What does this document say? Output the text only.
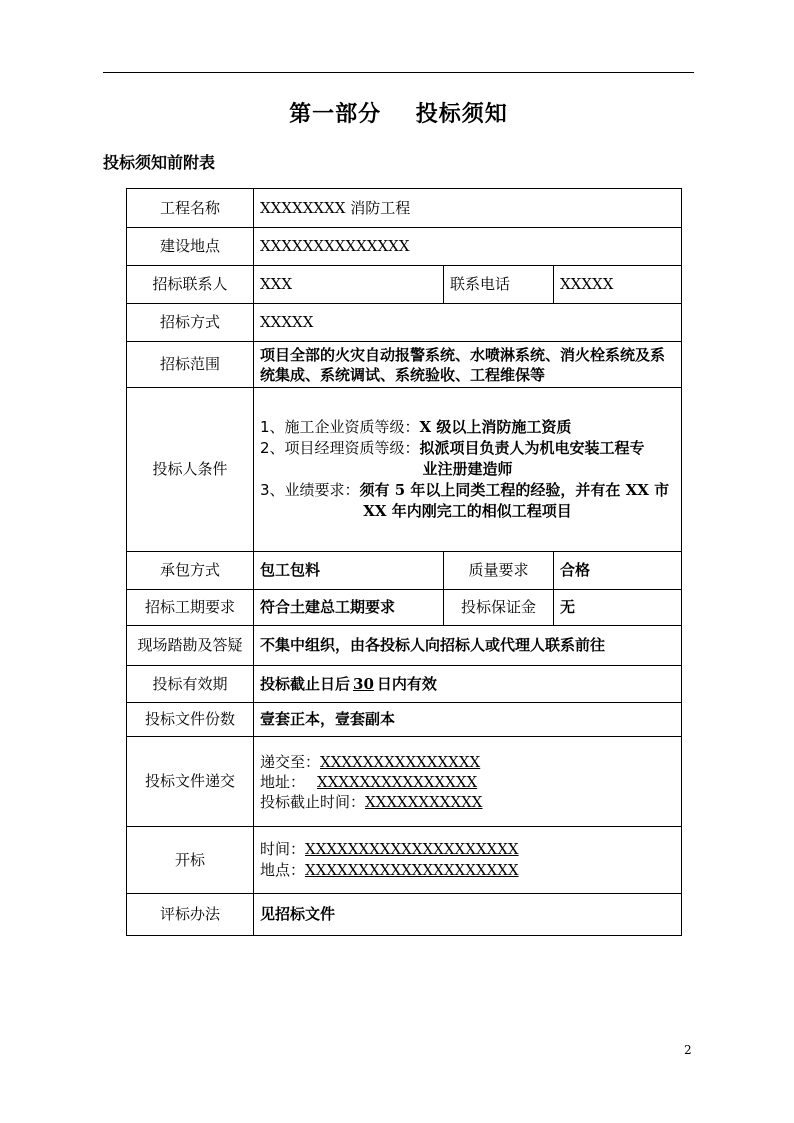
第一部分    投标须知
投标须知前附表
工程名称	XXXXXXXX 消防工程		
建设地点	XXXXXXXXXXXXXX		
招标联系人	XXX	联系电话	XXXXX
招标方式	XXXXX		
招标范围	项目全部的火灾自动报警系统、水喷淋系统、消火栓系统及系统集成、系统调试、系统验收、工程维保等		
投标人条件	1、施工企业资质等级：X 级以上消防施工资质
2、项目经理资质等级：拟派项目负责人为机电安装工程专
业注册建造师
3、业绩要求：须有 5 年以上同类工程的经验，并有在 XX 市
XX 年内刚完工的相似工程项目		

承包方式	包工包料	质量要求	合格
招标工期要求	符合土建总工期要求	投标保证金	无
现场踏勘及答疑	不集中组织，由各投标人向招标人或代理人联系前往		
投标有效期	投标截止日后 30 日内有效		
投标文件份数	壹套正本，壹套副本		
投标文件递交	递交至：XXXXXXXXXXXXXXX
地址： XXXXXXXXXXXXXXX
投标截止时间：XXXXXXXXXXX		

开标	时间：XXXXXXXXXXXXXXXXXXXX
地点：XXXXXXXXXXXXXXXXXXXX		

评标办法	见招标文件		
2
